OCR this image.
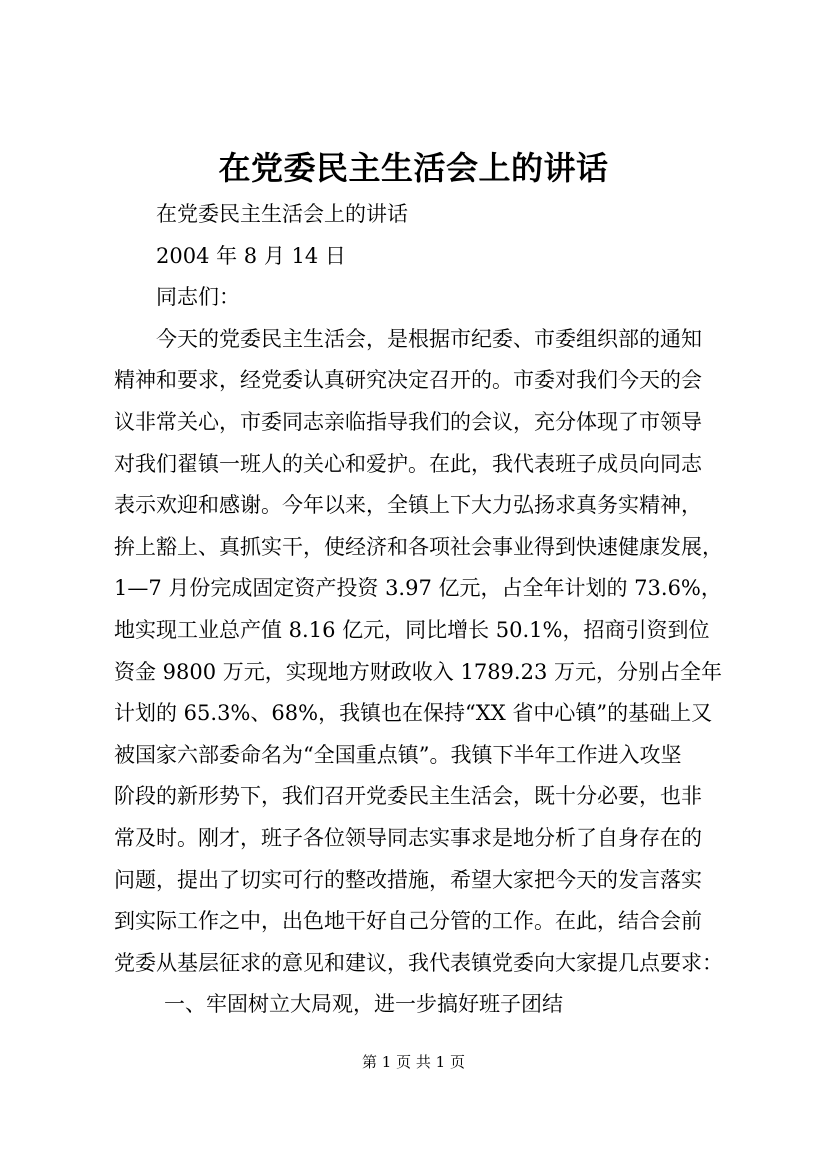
在党委民主生活会上的讲话
在党委民主生活会上的讲话
2004 年 8 月 14 日
同志们：
今天的党委民主生活会，是根据市纪委、市委组织部的通知
精神和要求，经党委认真研究决定召开的。市委对我们今天的会
议非常关心，市委同志亲临指导我们的会议，充分体现了市领导
对我们翟镇一班人的关心和爱护。在此，我代表班子成员向同志
表示欢迎和感谢。今年以来，全镇上下大力弘扬求真务实精神，
拚上豁上、真抓实干，使经济和各项社会事业得到快速健康发展，
1—7 月份完成固定资产投资 3.97 亿元，占全年计划的 73.6%，
地实现工业总产值 8.16 亿元，同比增长 50.1%，招商引资到位
资金 9800 万元，实现地方财政收入 1789.23 万元，分别占全年
计划的 65.3%、68%，我镇也在保持“XX 省中心镇”的基础上又
被国家六部委命名为“全国重点镇”。我镇下半年工作进入攻坚
阶段的新形势下，我们召开党委民主生活会，既十分必要，也非
常及时。刚才，班子各位领导同志实事求是地分析了自身存在的
问题，提出了切实可行的整改措施，希望大家把今天的发言落实
到实际工作之中，出色地干好自己分管的工作。在此，结合会前
党委从基层征求的意见和建议，我代表镇党委向大家提几点要求：
一、牢固树立大局观，进一步搞好班子团结
第 1 页 共 1 页
